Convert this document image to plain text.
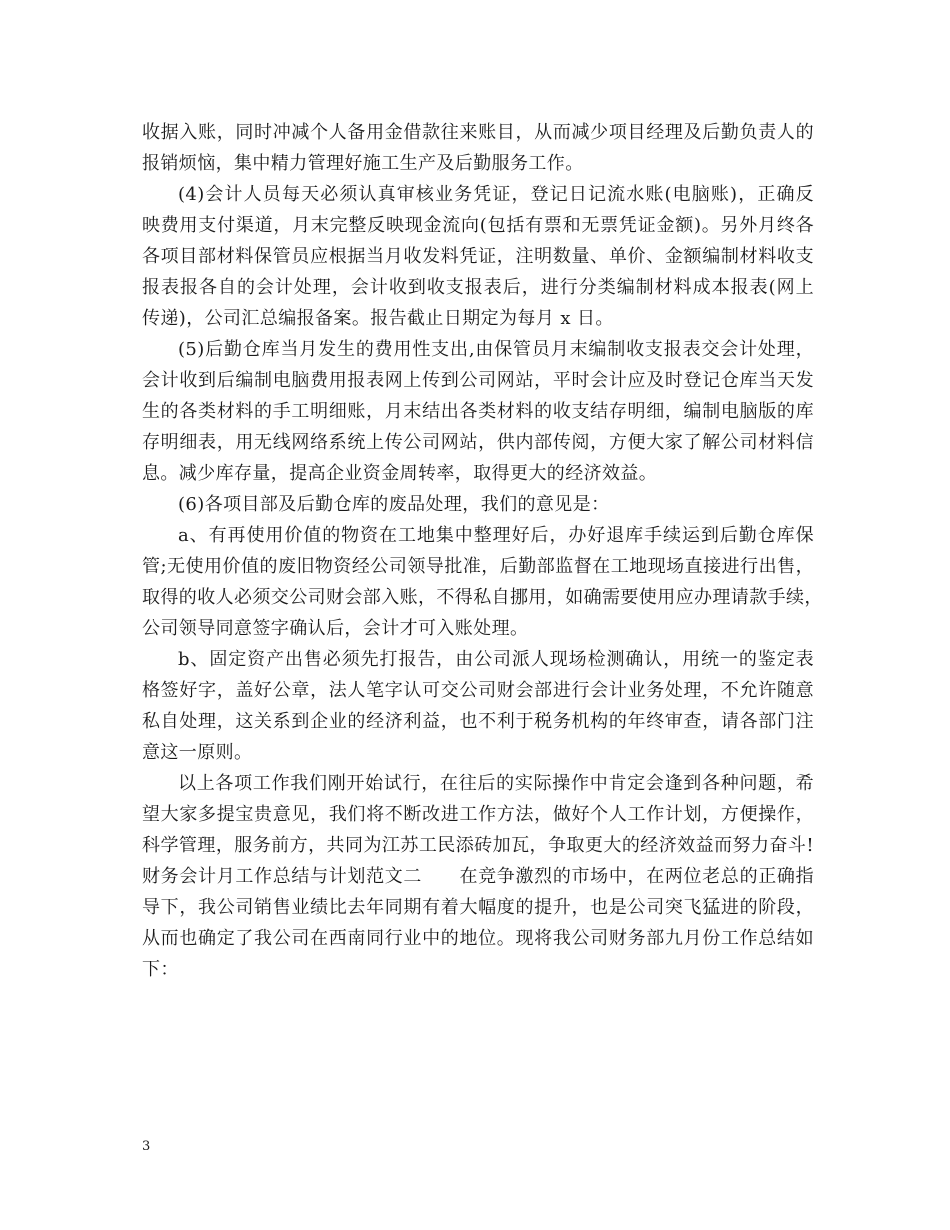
收据入账，同时冲减个人备用金借款往来账目，从而减少项目经理及后勤负责人的
报销烦恼，集中精力管理好施工生产及后勤服务工作。
(4)会计人员每天必须认真审核业务凭证，登记日记流水账(电脑账)，正确反
映费用支付渠道，月末完整反映现金流向(包括有票和无票凭证金额)。另外月终各
各项目部材料保管员应根据当月收发料凭证，注明数量、单价、金额编制材料收支
报表报各自的会计处理，会计收到收支报表后，进行分类编制材料成本报表(网上
传递)，公司汇总编报备案。报告截止日期定为每月 x 日。
(5)后勤仓库当月发生的费用性支出,由保管员月末编制收支报表交会计处理，
会计收到后编制电脑费用报表网上传到公司网站，平时会计应及时登记仓库当天发
生的各类材料的手工明细账，月末结出各类材料的收支结存明细，编制电脑版的库
存明细表，用无线网络系统上传公司网站，供内部传阅，方便大家了解公司材料信
息。减少库存量，提高企业资金周转率，取得更大的经济效益。
(6)各项目部及后勤仓库的废品处理，我们的意见是：
a、有再使用价值的物资在工地集中整理好后，办好退库手续运到后勤仓库保
管;无使用价值的废旧物资经公司领导批准，后勤部监督在工地现场直接进行出售，
取得的收人必须交公司财会部入账，不得私自挪用，如确需要使用应办理请款手续，
公司领导同意签字确认后，会计才可入账处理。
b、固定资产出售必须先打报告，由公司派人现场检测确认，用统一的鉴定表
格签好字，盖好公章，法人笔字认可交公司财会部进行会计业务处理，不允许随意
私自处理，这关系到企业的经济利益，也不利于税务机构的年终审查，请各部门注
意这一原则。
以上各项工作我们刚开始试行，在往后的实际操作中肯定会逢到各种问题，希
望大家多提宝贵意见，我们将不断改进工作方法，做好个人工作计划，方便操作，
科学管理，服务前方，共同为江苏工民添砖加瓦，争取更大的经济效益而努力奋斗!
财务会计月工作总结与计划范文二　　在竞争激烈的市场中，在两位老总的正确指
导下，我公司销售业绩比去年同期有着大幅度的提升，也是公司突飞猛进的阶段，
从而也确定了我公司在西南同行业中的地位。现将我公司财务部九月份工作总结如
下：
3
